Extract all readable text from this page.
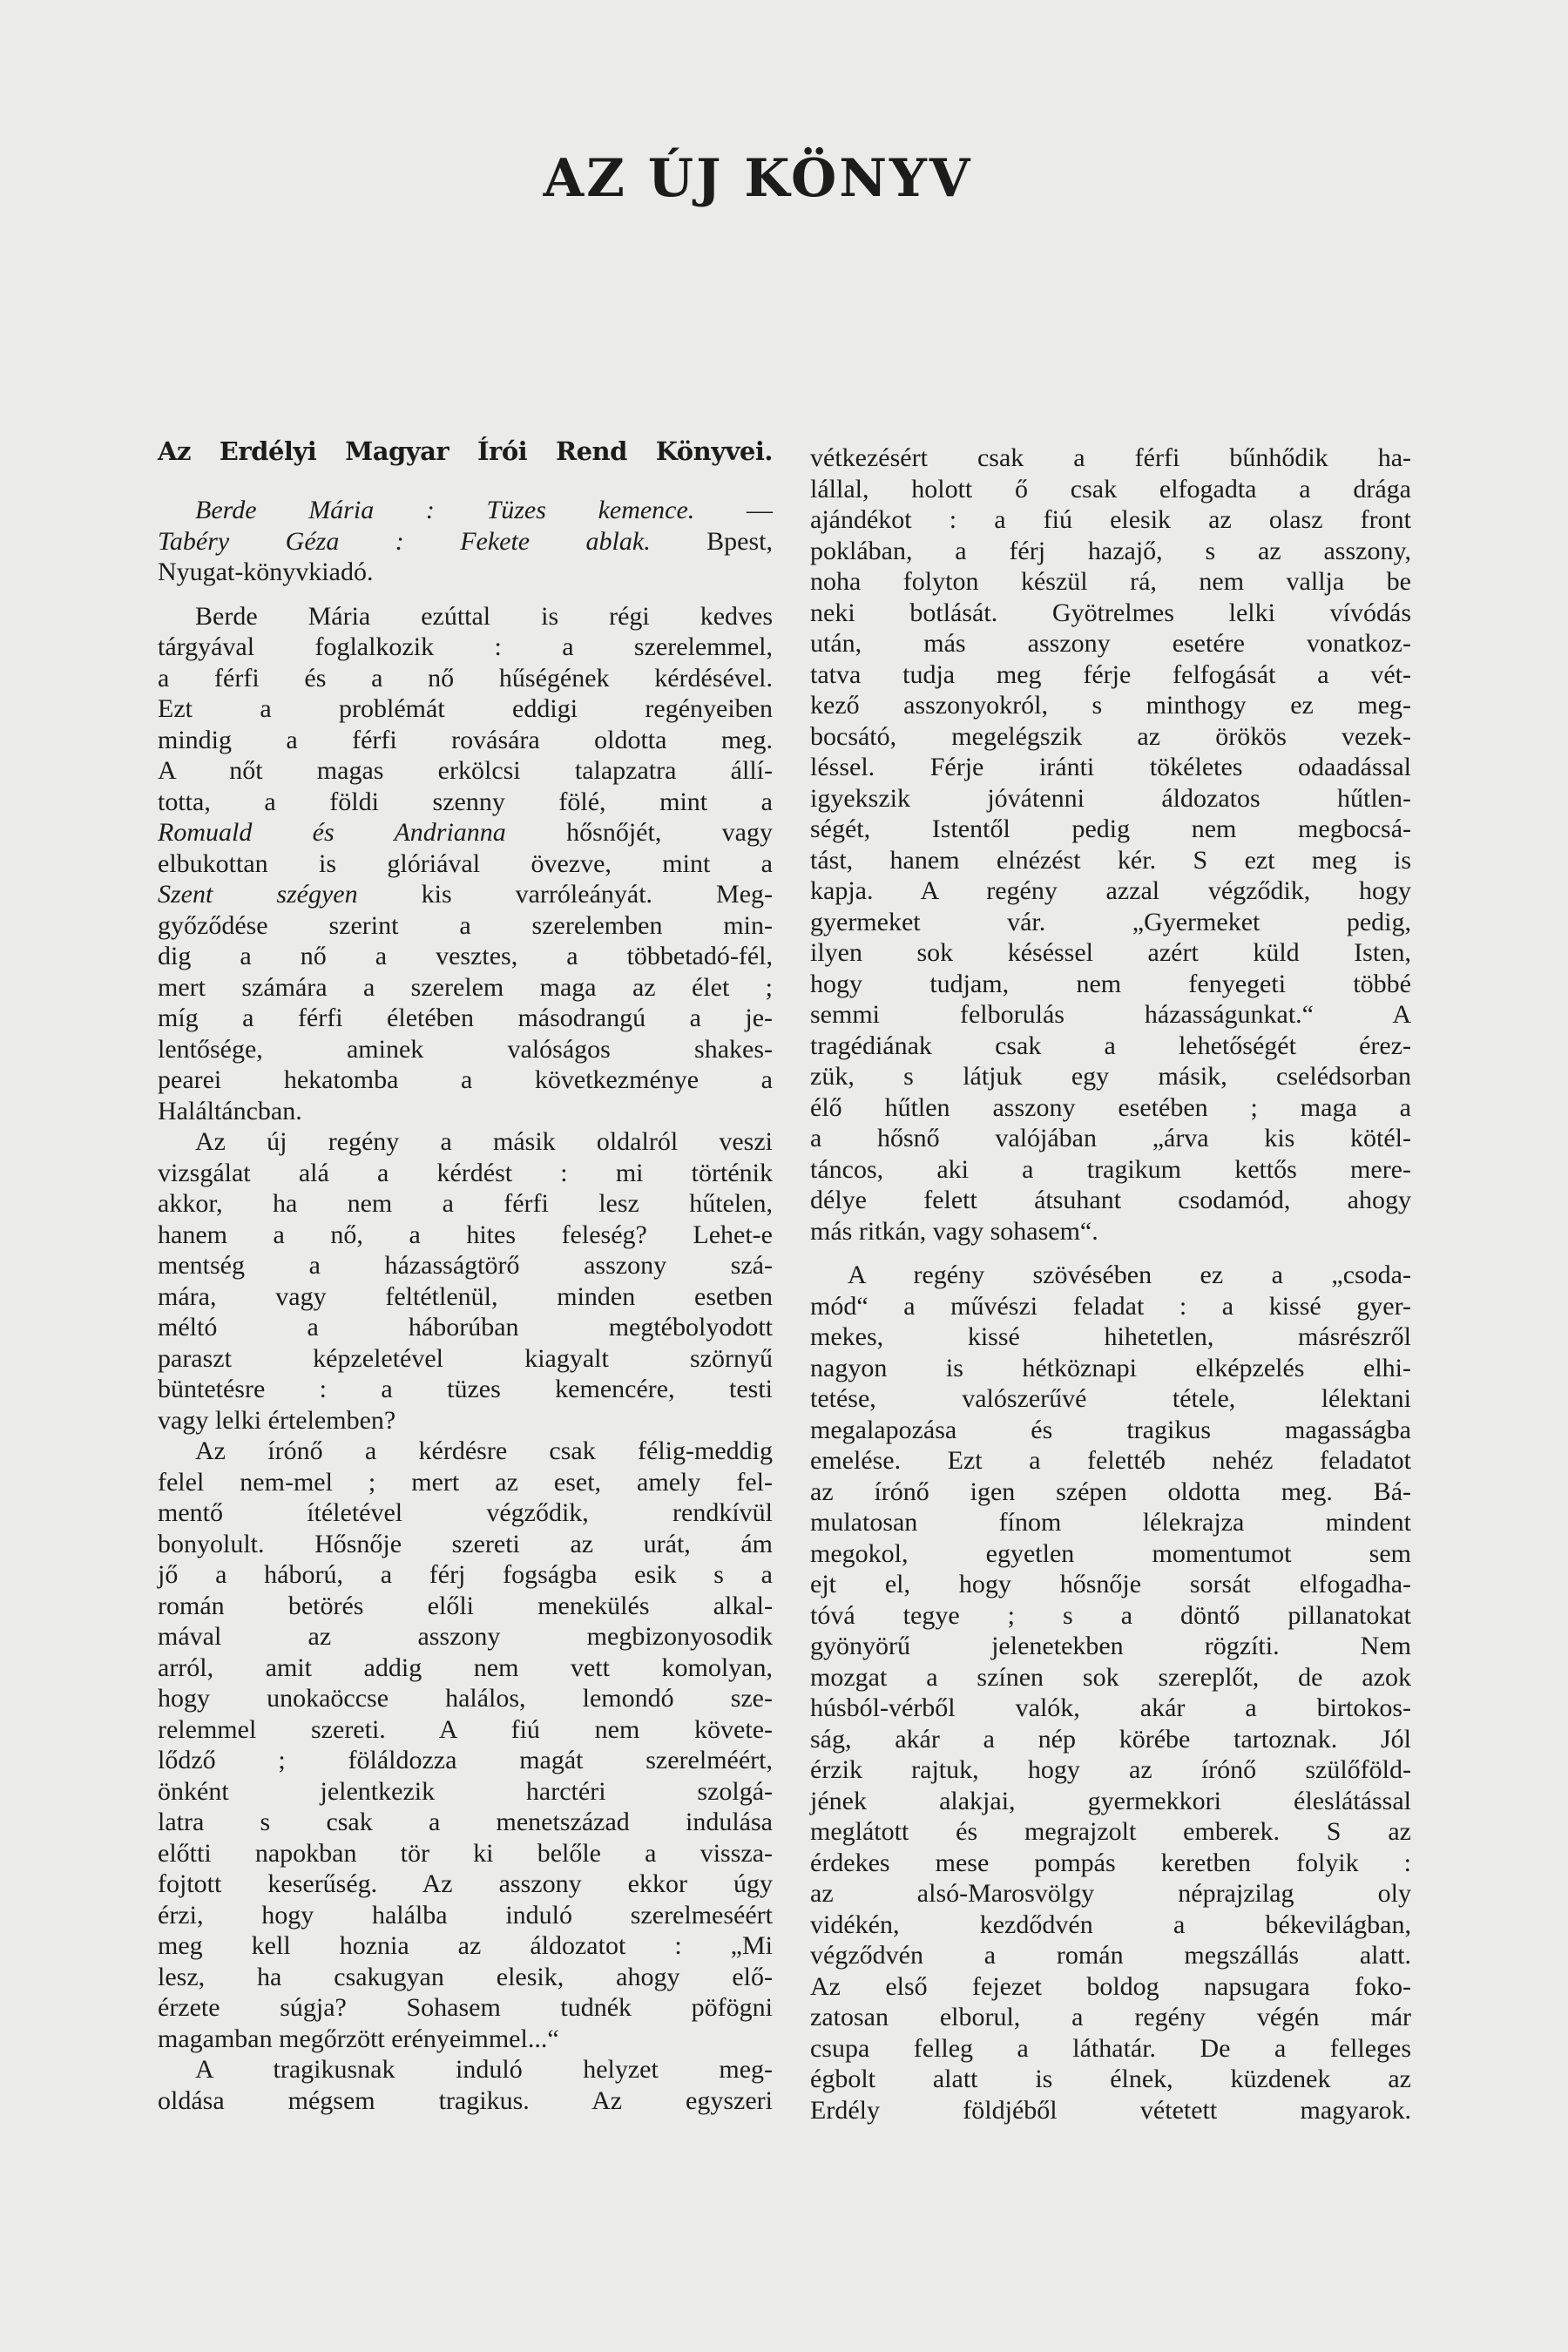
AZ ÚJ KÖNYV
Az Erdélyi Magyar Írói Rend Könyvei.
Berde Mária : Tüzes kemence. —
Tabéry Géza : Fekete ablak. Bpest,
Nyugat-könyvkiadó.
Berde Mária ezúttal is régi kedves
tárgyával foglalkozik : a szerelemmel,
a férfi és a nő hűségének kérdésével.
Ezt a problémát eddigi regényeiben
mindig a férfi rovására oldotta meg.
A nőt magas erkölcsi talapzatra állí-
totta, a földi szenny fölé, mint a
Romuald és Andrianna hősnőjét, vagy
elbukottan is glóriával övezve, mint a
Szent szégyen kis varróleányát. Meg-
győződése szerint a szerelemben min-
dig a nő a vesztes, a többetadó-fél,
mert számára a szerelem maga az élet ;
míg a férfi életében másodrangú a je-
lentősége, aminek valóságos shakes-
pearei hekatomba a következménye a
Haláltáncban.
Az új regény a másik oldalról veszi
vizsgálat alá a kérdést : mi történik
akkor, ha nem a férfi lesz hűtelen,
hanem a nő, a hites feleség? Lehet-e
mentség a házasságtörő asszony szá-
mára, vagy feltétlenül, minden esetben
méltó a háborúban megtébolyodott
paraszt képzeletével kiagyalt szörnyű
büntetésre : a tüzes kemencére, testi
vagy lelki értelemben?
Az írónő a kérdésre csak félig-meddig
felel nem-mel ; mert az eset, amely fel-
mentő ítéletével végződik, rendkívül
bonyolult. Hősnője szereti az urát, ám
jő a háború, a férj fogságba esik s a
román betörés előli menekülés alkal-
mával az asszony megbizonyosodik
arról, amit addig nem vett komolyan,
hogy unokaöccse halálos, lemondó sze-
relemmel szereti. A fiú nem követe-
lődző ; föláldozza magát szerelméért,
önként jelentkezik harctéri szolgá-
latra s csak a menetszázad indulása
előtti napokban tör ki belőle a vissza-
fojtott keserűség. Az asszony ekkor úgy
érzi, hogy halálba induló szerelmeséért
meg kell hoznia az áldozatot : „Mi
lesz, ha csakugyan elesik, ahogy elő-
érzete súgja? Sohasem tudnék pöfögni
magamban megőrzött erényeimmel...“
A tragikusnak induló helyzet meg-
oldása mégsem tragikus. Az egyszeri
vétkezésért csak a férfi bűnhődik ha-
lállal, holott ő csak elfogadta a drága
ajándékot : a fiú elesik az olasz front
poklában, a férj hazajő, s az asszony,
noha folyton készül rá, nem vallja be
neki botlását. Gyötrelmes lelki vívódás
után, más asszony esetére vonatkoz-
tatva tudja meg férje felfogását a vét-
kező asszonyokról, s minthogy ez meg-
bocsátó, megelégszik az örökös vezek-
léssel. Férje iránti tökéletes odaadással
igyekszik jóvátenni áldozatos hűtlen-
ségét, Istentől pedig nem megbocsá-
tást, hanem elnézést kér. S ezt meg is
kapja. A regény azzal végződik, hogy
gyermeket vár. „Gyermeket pedig,
ilyen sok késéssel azért küld Isten,
hogy tudjam, nem fenyegeti többé
semmi felborulás házasságunkat.“ A
tragédiának csak a lehetőségét érez-
zük, s látjuk egy másik, cselédsorban
élő hűtlen asszony esetében ; maga a
a hősnő valójában „árva kis kötél-
táncos, aki a tragikum kettős mere-
délye felett átsuhant csodamód, ahogy
más ritkán, vagy sohasem“.
A regény szövésében ez a „csoda-
mód“ a művészi feladat : a kissé gyer-
mekes, kissé hihetetlen, másrészről
nagyon is hétköznapi elképzelés elhi-
tetése, valószerűvé tétele, lélektani
megalapozása és tragikus magasságba
emelése. Ezt a felettéb nehéz feladatot
az írónő igen szépen oldotta meg. Bá-
mulatosan fínom lélekrajza mindent
megokol, egyetlen momentumot sem
ejt el, hogy hősnője sorsát elfogadha-
tóvá tegye ; s a döntő pillanatokat
gyönyörű jelenetekben rögzíti. Nem
mozgat a színen sok szereplőt, de azok
húsból-vérből valók, akár a birtokos-
ság, akár a nép körébe tartoznak. Jól
érzik rajtuk, hogy az írónő szülőföld-
jének alakjai, gyermekkori éleslátással
meglátott és megrajzolt emberek. S az
érdekes mese pompás keretben folyik :
az alsó-Marosvölgy néprajzilag oly
vidékén, kezdődvén a békevilágban,
végződvén a román megszállás alatt.
Az első fejezet boldog napsugara foko-
zatosan elborul, a regény végén már
csupa felleg a láthatár. De a felleges
égbolt alatt is élnek, küzdenek az
Erdély földjéből vétetett magyarok.
